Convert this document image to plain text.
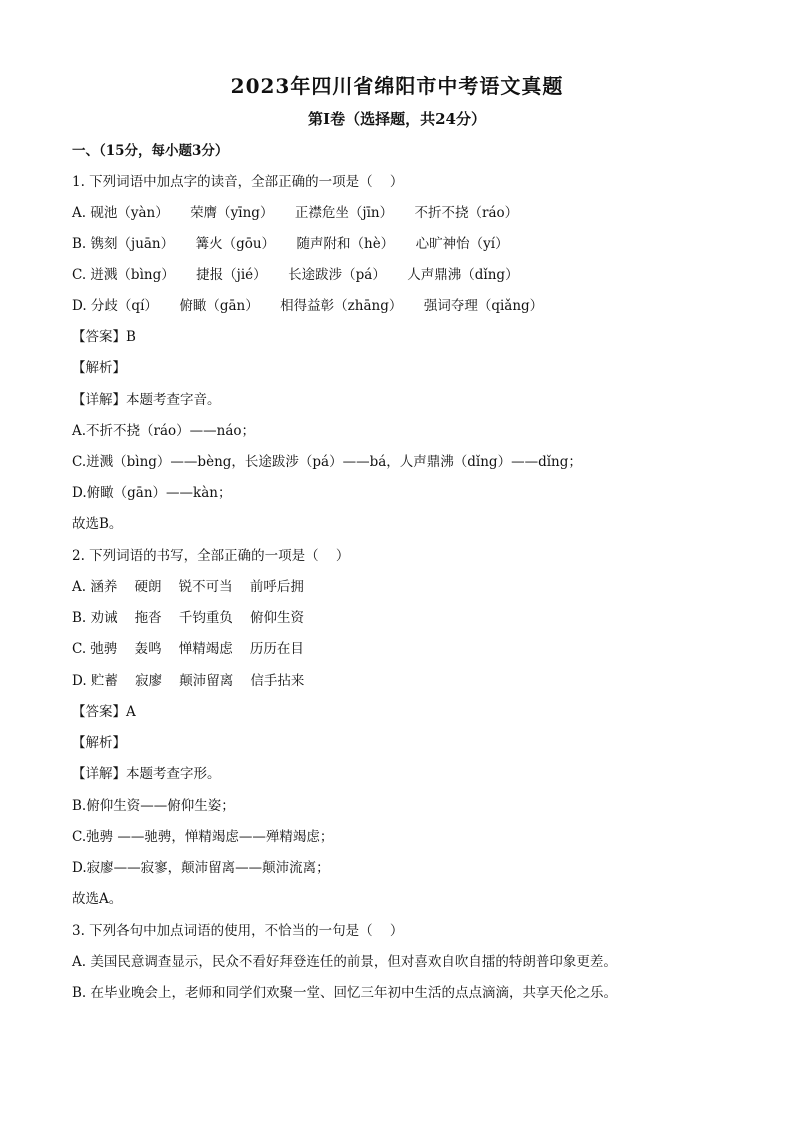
2023年四川省绵阳市中考语文真题
第Ⅰ卷（选择题，共24分）
一、（15分，每小题3分）
1. 下列词语中加点字的读音，全部正确的一项是（    ）
A. 砚池（yàn）     荣膺（yīng）     正襟危坐（jīn）     不折不挠（ráo）
B. 镌刻（juān）     篝火（gōu）     随声附和（hè）     心旷神怡（yí）
C. 迸溅（bìng）     捷报（jié）     长途跋涉（pá）     人声鼎沸（dǐng）
D. 分歧（qí）     俯瞰（gān）     相得益彰（zhāng）     强词夺理（qiǎng）
【答案】B
【解析】
【详解】本题考查字音。
A.不折不挠（ráo）——náo；
C.迸溅（bìng）——bèng，长途跋涉（pá）——bá，人声鼎沸（dǐng）——dǐng；
D.俯瞰（gān）——kàn；
故选B。
2. 下列词语的书写，全部正确的一项是（    ）
A. 涵养    硬朗    锐不可当    前呼后拥
B. 劝诫    拖沓    千钧重负    俯仰生资
C. 弛骋    轰鸣    惮精竭虑    历历在目
D. 贮蓄    寂廖    颠沛留离    信手拈来
【答案】A
【解析】
【详解】本题考查字形。
B.俯仰生资——俯仰生姿；
C.弛骋 ——驰骋，惮精竭虑——殚精竭虑；
D.寂廖——寂寥，颠沛留离——颠沛流离；
故选A。
3. 下列各句中加点词语的使用，不恰当的一句是（    ）
A. 美国民意调查显示，民众不看好拜登连任的前景，但对喜欢自吹自擂的特朗普印象更差。
B. 在毕业晚会上，老师和同学们欢聚一堂、回忆三年初中生活的点点滴滴，共享天伦之乐。
